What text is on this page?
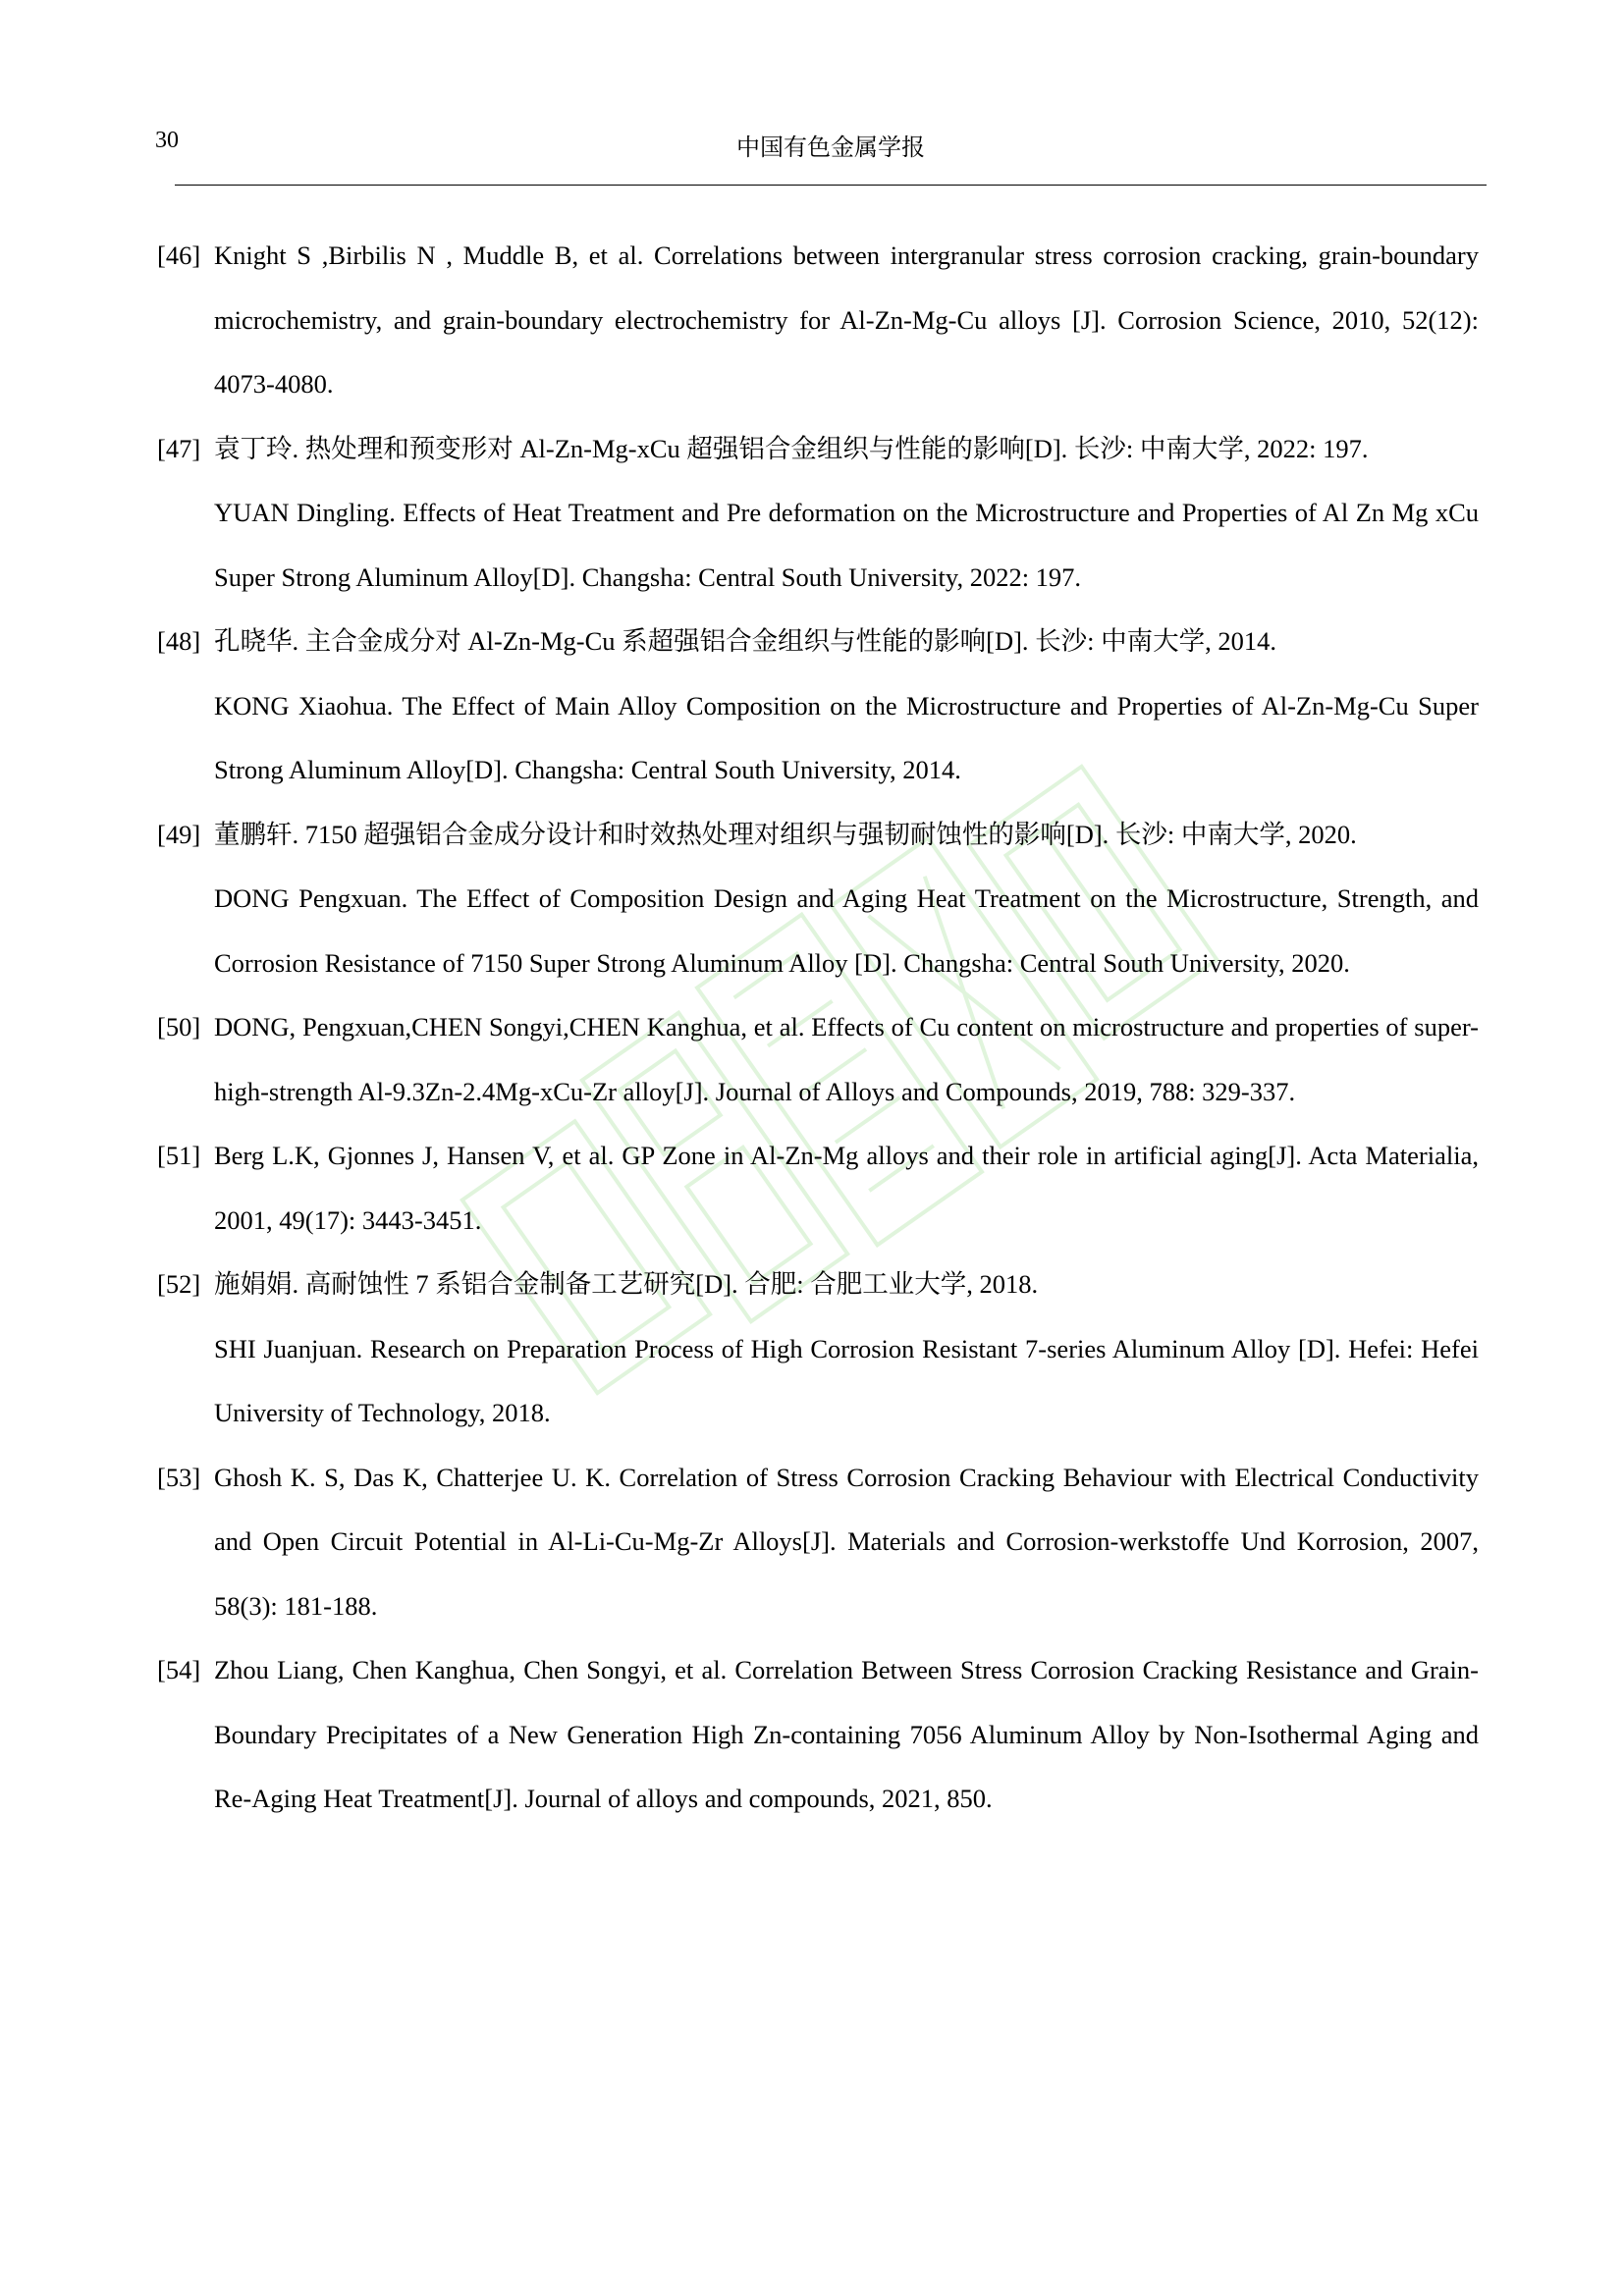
30	中国有色金属学报
[46] Knight S ,Birbilis N , Muddle B, et al. Correlations between intergranular stress corrosion cracking, grain-boundary microchemistry, and grain-boundary electrochemistry for Al-Zn-Mg-Cu alloys [J]. Corrosion Science, 2010, 52(12): 4073-4080.
[47] 袁丁玲. 热处理和预变形对 Al-Zn-Mg-xCu 超强铝合金组织与性能的影响[D]. 长沙: 中南大学, 2022: 197.
YUAN Dingling. Effects of Heat Treatment and Pre deformation on the Microstructure and Properties of Al Zn Mg xCu Super Strong Aluminum Alloy[D]. Changsha: Central South University, 2022: 197.
[48] 孔晓华. 主合金成分对 Al-Zn-Mg-Cu 系超强铝合金组织与性能的影响[D]. 长沙: 中南大学, 2014.
KONG Xiaohua. The Effect of Main Alloy Composition on the Microstructure and Properties of Al-Zn-Mg-Cu Super Strong Aluminum Alloy[D]. Changsha: Central South University, 2014.
[49] 董鹏轩. 7150 超强铝合金成分设计和时效热处理对组织与强韧耐蚀性的影响[D]. 长沙: 中南大学, 2020.
DONG Pengxuan. The Effect of Composition Design and Aging Heat Treatment on the Microstructure, Strength, and Corrosion Resistance of 7150 Super Strong Aluminum Alloy [D]. Changsha: Central South University, 2020.
[50] DONG, Pengxuan,CHEN Songyi,CHEN Kanghua, et al. Effects of Cu content on microstructure and properties of super-high-strength Al-9.3Zn-2.4Mg-xCu-Zr alloy[J]. Journal of Alloys and Compounds, 2019, 788: 329-337.
[51] Berg L.K, Gjonnes J, Hansen V, et al. GP Zone in Al-Zn-Mg alloys and their role in artificial aging[J]. Acta Materialia, 2001, 49(17): 3443-3451.
[52] 施娟娟. 高耐蚀性 7 系铝合金制备工艺研究[D]. 合肥: 合肥工业大学, 2018.
SHI Juanjuan. Research on Preparation Process of High Corrosion Resistant 7-series Aluminum Alloy [D]. Hefei: Hefei University of Technology, 2018.
[53] Ghosh K. S, Das K, Chatterjee U. K. Correlation of Stress Corrosion Cracking Behaviour with Electrical Conductivity and Open Circuit Potential in Al-Li-Cu-Mg-Zr Alloys[J]. Materials and Corrosion-werkstoffe Und Korrosion, 2007, 58(3): 181-188.
[54] Zhou Liang, Chen Kanghua, Chen Songyi, et al. Correlation Between Stress Corrosion Cracking Resistance and Grain-Boundary Precipitates of a New Generation High Zn-containing 7056 Aluminum Alloy by Non-Isothermal Aging and Re-Aging Heat Treatment[J]. Journal of alloys and compounds, 2021, 850.
